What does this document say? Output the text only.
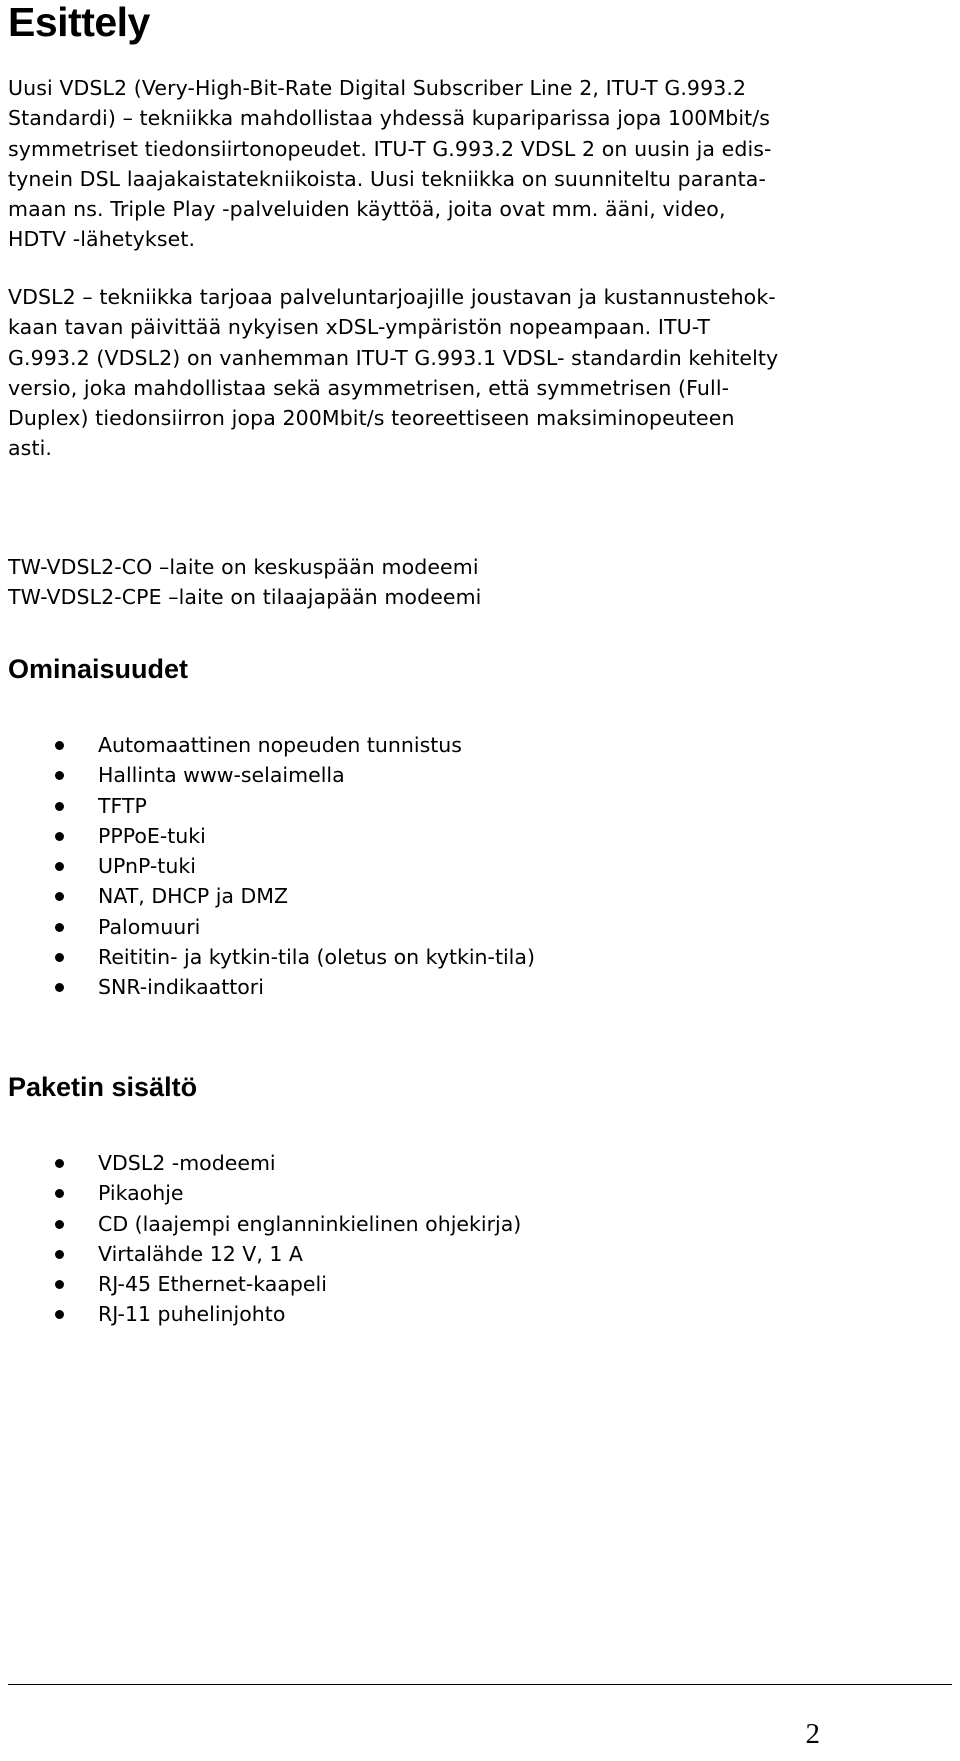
Esittely
Uusi VDSL2 (Very-High-Bit-Rate Digital Subscriber Line 2, ITU-T G.993.2
Standardi) – tekniikka mahdollistaa yhdessä kupariparissa jopa 100Mbit/s
symmetriset tiedonsiirtonopeudet. ITU-T G.993.2 VDSL 2 on uusin ja edis-
tynein DSL laajakaistatekniikoista. Uusi tekniikka on suunniteltu paranta-
maan ns. Triple Play -palveluiden käyttöä, joita ovat mm. ääni, video,
HDTV -lähetykset.
VDSL2 – tekniikka tarjoaa palveluntarjoajille joustavan ja kustannustehok-
kaan tavan päivittää nykyisen xDSL-ympäristön nopeampaan. ITU-T
G.993.2 (VDSL2) on vanhemman ITU-T G.993.1 VDSL- standardin kehitelty
versio, joka mahdollistaa sekä asymmetrisen, että symmetrisen (Full-
Duplex) tiedonsiirron jopa 200Mbit/s teoreettiseen maksiminopeuteen
asti.
TW-VDSL2-CO –laite on keskuspään modeemi
TW-VDSL2-CPE –laite on tilaajapään modeemi
Ominaisuudet
Automaattinen nopeuden tunnistus
Hallinta www-selaimella
TFTP
PPPoE-tuki
UPnP-tuki
NAT, DHCP ja DMZ
Palomuuri
Reititin- ja kytkin-tila (oletus on kytkin-tila)
SNR-indikaattori
Paketin sisältö
VDSL2 -modeemi
Pikaohje
CD (laajempi englanninkielinen ohjekirja)
Virtalähde 12 V, 1 A
RJ-45 Ethernet-kaapeli
RJ-11 puhelinjohto
2
